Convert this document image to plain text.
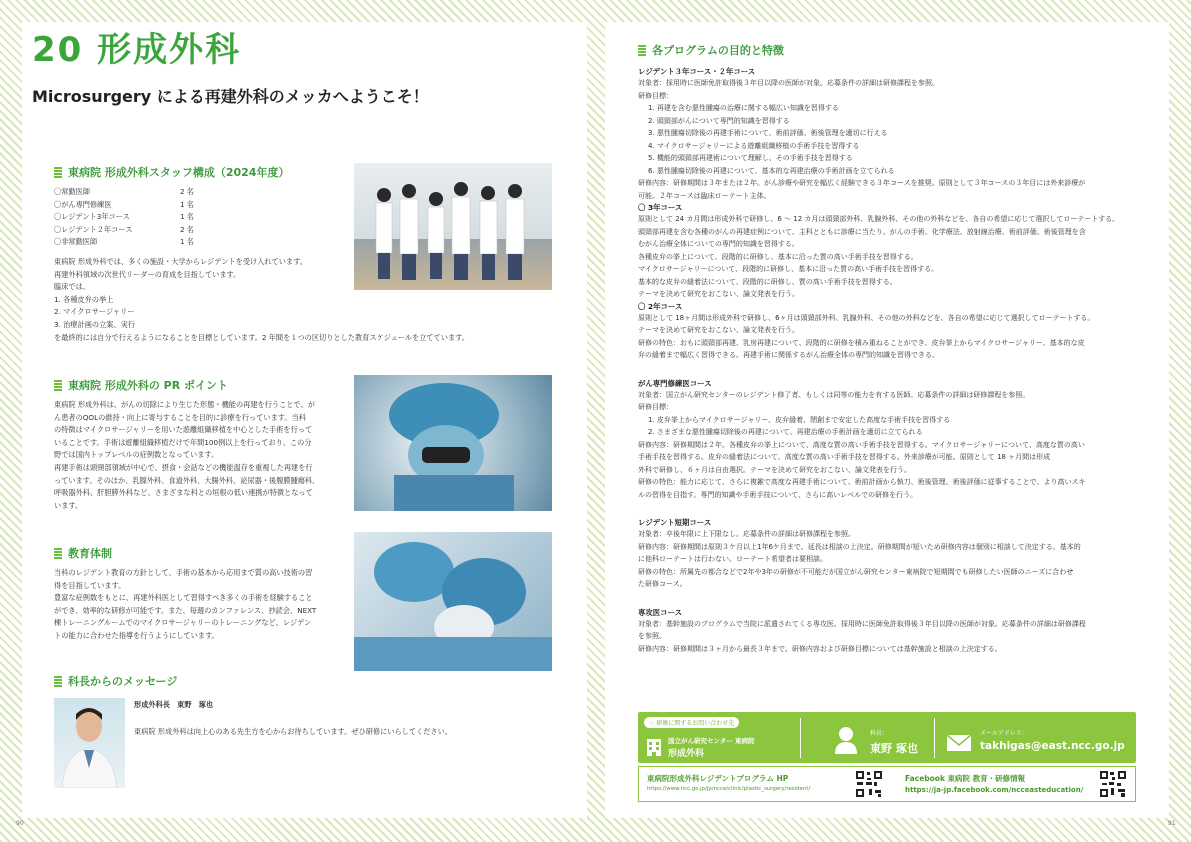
20 形成外科
Microsurgery による再建外科のメッカへようこそ！
東病院 形成外科スタッフ構成（2024年度）
〇常勤医師	2 名
〇がん専門修練医	1 名
〇レジデント3年コース	1 名
〇レジデント２年コース	2 名
〇非常勤医師	1 名
東病院 形成外科では、多くの施設・大学からレジデントを受け入れています。
再建外科領域の次世代リーダーの育成を目指しています。
臨床では、
1. 各種皮弁の挙上
2. マイクロサージャリー
3. 治療計画の立案、実行
を最終的には自分で行えるようになることを目標としています。2 年間を１つの区切りとした教育スケジュールを立てています。
東病院 形成外科の PR ポイント
東病院 形成外科は、がんの切除により生じた形態・機能の再建を行うことで、が
ん患者のQOLの維持・向上に寄与することを目的に診療を行っています。当科
の特徴はマイクロサージャリーを用いた遊離組織移植を中心とした手術を行って
いることです。手術は遊離組織移植だけで年間100例以上を行っており、この分
野では国内トップレベルの症例数となっています。
再建手術は頭頸部領域が中心で、摂食・会話などの機能温存を重視した再建を行
っています。そのほか、乳腺外科、食道外科、大腸外科、泌尿器・後腹膜腫瘍科、
呼吸器外科、肝胆膵外科など、さまざまな科との垣根の低い連携が特徴となって
います。
教育体制
当科のレジデント教育の方針として、手術の基本から応用まで質の高い技術の習
得を目指しています。
豊富な症例数をもとに、再建外科医として習得すべき多くの手術を経験すること
ができ、効率的な研修が可能です。また、毎週のカンファレンス、抄読会、NEXT
棟トレーニングルームでのマイクロサージャリーのトレーニングなど、レジデン
トの能力に合わせた指導を行うようにしています。
科長からのメッセージ
形成外科長　東野　琢也
東病院 形成外科は向上心のある先生方を心からお待ちしています。ぜひ研修にいらしてください。
90
各プログラムの目的と特徴
レジデント３年コース・２年コース
対象者：採用時に医師免許取得後３年目以降の医師が対象。応募条件の詳細は研修課程を参照。
研修目標：
1. 再建を含む悪性腫瘍の治療に関する幅広い知識を習得する
2. 頭頸部がんについて専門的知識を習得する
3. 悪性腫瘍切除後の再建手術について、術前評価、術後管理を適切に行える
4. マイクロサージャリーによる遊離組織移植の手術手技を習得する
5. 機能的頭頸部再建術について理解し、その手術手技を習得する
6. 悪性腫瘍切除後の再建について、基本的な再建治療の手術計画を立てられる
研修内容：研修期間は３年または２年。がん診療や研究を幅広く経験できる３年コースを推奨。原則として３年コースの３年目には外来診療が
可能。２年コースは臨床ローテート主体。
〇 3年コース
原則として 24 カ月間は形成外科で研修し、6 ～ 12 カ月は頭頸部外科、乳腺外科、その他の外科などを、各自の希望に応じて選択してローテートする。
頭頸部再建を含む各種のがんの再建症例について、主科とともに診療に当たり、がんの手術、化学療法、放射線治療、術前評価、術後管理を含
むがん治療全体についての専門的知識を習得する。
各種皮弁の挙上について、段階的に研修し、基本に沿った質の高い手術手技を習得する。
マイクロサージャリーについて、段階的に研修し、基本に沿った質の高い手術手技を習得する。
基本的な皮弁の縫着法について、段階的に研修し、質の高い手術手技を習得する。
テーマを決めて研究をおこない、論文発表を行う。
〇 2年コース
原則として 18ヶ月間は形成外科で研修し、6ヶ月は頭頸部外科、乳腺外科、その他の外科などを、各自の希望に応じて選択してローテートする。
テーマを決めて研究をおこない、論文発表を行う。
研修の特色：おもに頭頸部再建、乳房再建について、段階的に研修を積み重ねることができ、皮弁挙上からマイクロサージャリー、基本的な皮
弁の縫着まで幅広く習得できる。再建手術に関係するがん治療全体の専門的知識を習得できる。
がん専門修練医コース
対象者：国立がん研究センターのレジデント修了者、もしくは同等の能力を有する医師。応募条件の詳細は研修課程を参照。
研修目標：
1. 皮弁挙上からマイクロサージャリー、皮弁縫着、閉創まで安定した高度な手術手技を習得する
2. さまざまな悪性腫瘍切除後の再建について、再建治療の手術計画を適切に立てられる
研修内容：研修期間は２年。各種皮弁の挙上について、高度な質の高い手術手技を習得する。マイクロサージャリーについて、高度な質の高い
手術手技を習得する。皮弁の縫着法について、高度な質の高い手術手技を習得する。外来診療が可能。原則として 18 ヶ月間は形成
外科で研修し、６ヶ月は自由選択。テーマを決めて研究をおこない、論文発表を行う。
研修の特色：能力に応じて、さらに複雑で高度な再建手術について、術前計画から執刀、術後管理、術後評価に従事することで、より高いスキ
ルの習得を目指す。専門的知識や手術手技について、さらに高いレベルでの研修を行う。
レジデント短期コース
対象者：卒後年限に上下限なし。応募条件の詳細は研修課程を参照。
研修内容：研修期間は原則３ケ月以上1年6ケ月まで。延長は相談の上決定。研修期間が短いため研修内容は個別に相談して決定する。基本的
に他科ローテートは行わない。ローテート希望者は要相談。
研修の特色：所属先の都合などで2年や3年の研修が不可能だが国立がん研究センター東病院で短期間でも研修したい医師のニーズに合わせ
た研修コース。
専攻医コース
対象者：基幹施設のプログラムで当院に派遣されてくる専攻医。採用時に医師免許取得後３年目以降の医師が対象。応募条件の詳細は研修課程
を参照。
研修内容：研修期間は３ヶ月から最長３年まで。研修内容および研修目標については基幹施設と相談の上決定する。
☞ 研修に関するお問い合わせ先
国立がん研究センター 東病院
形成外科
科長：
東野 琢也
メールアドレス：
takhigas@east.ncc.go.jp
東病院形成外科レジデントプログラム HP
https://www.ncc.go.jp/jp/ncce/clinic/plastic_surgery/resident/
Facebook 東病院 教育・研修情報
https://ja-jp.facebook.com/ncceasteducation/
91
